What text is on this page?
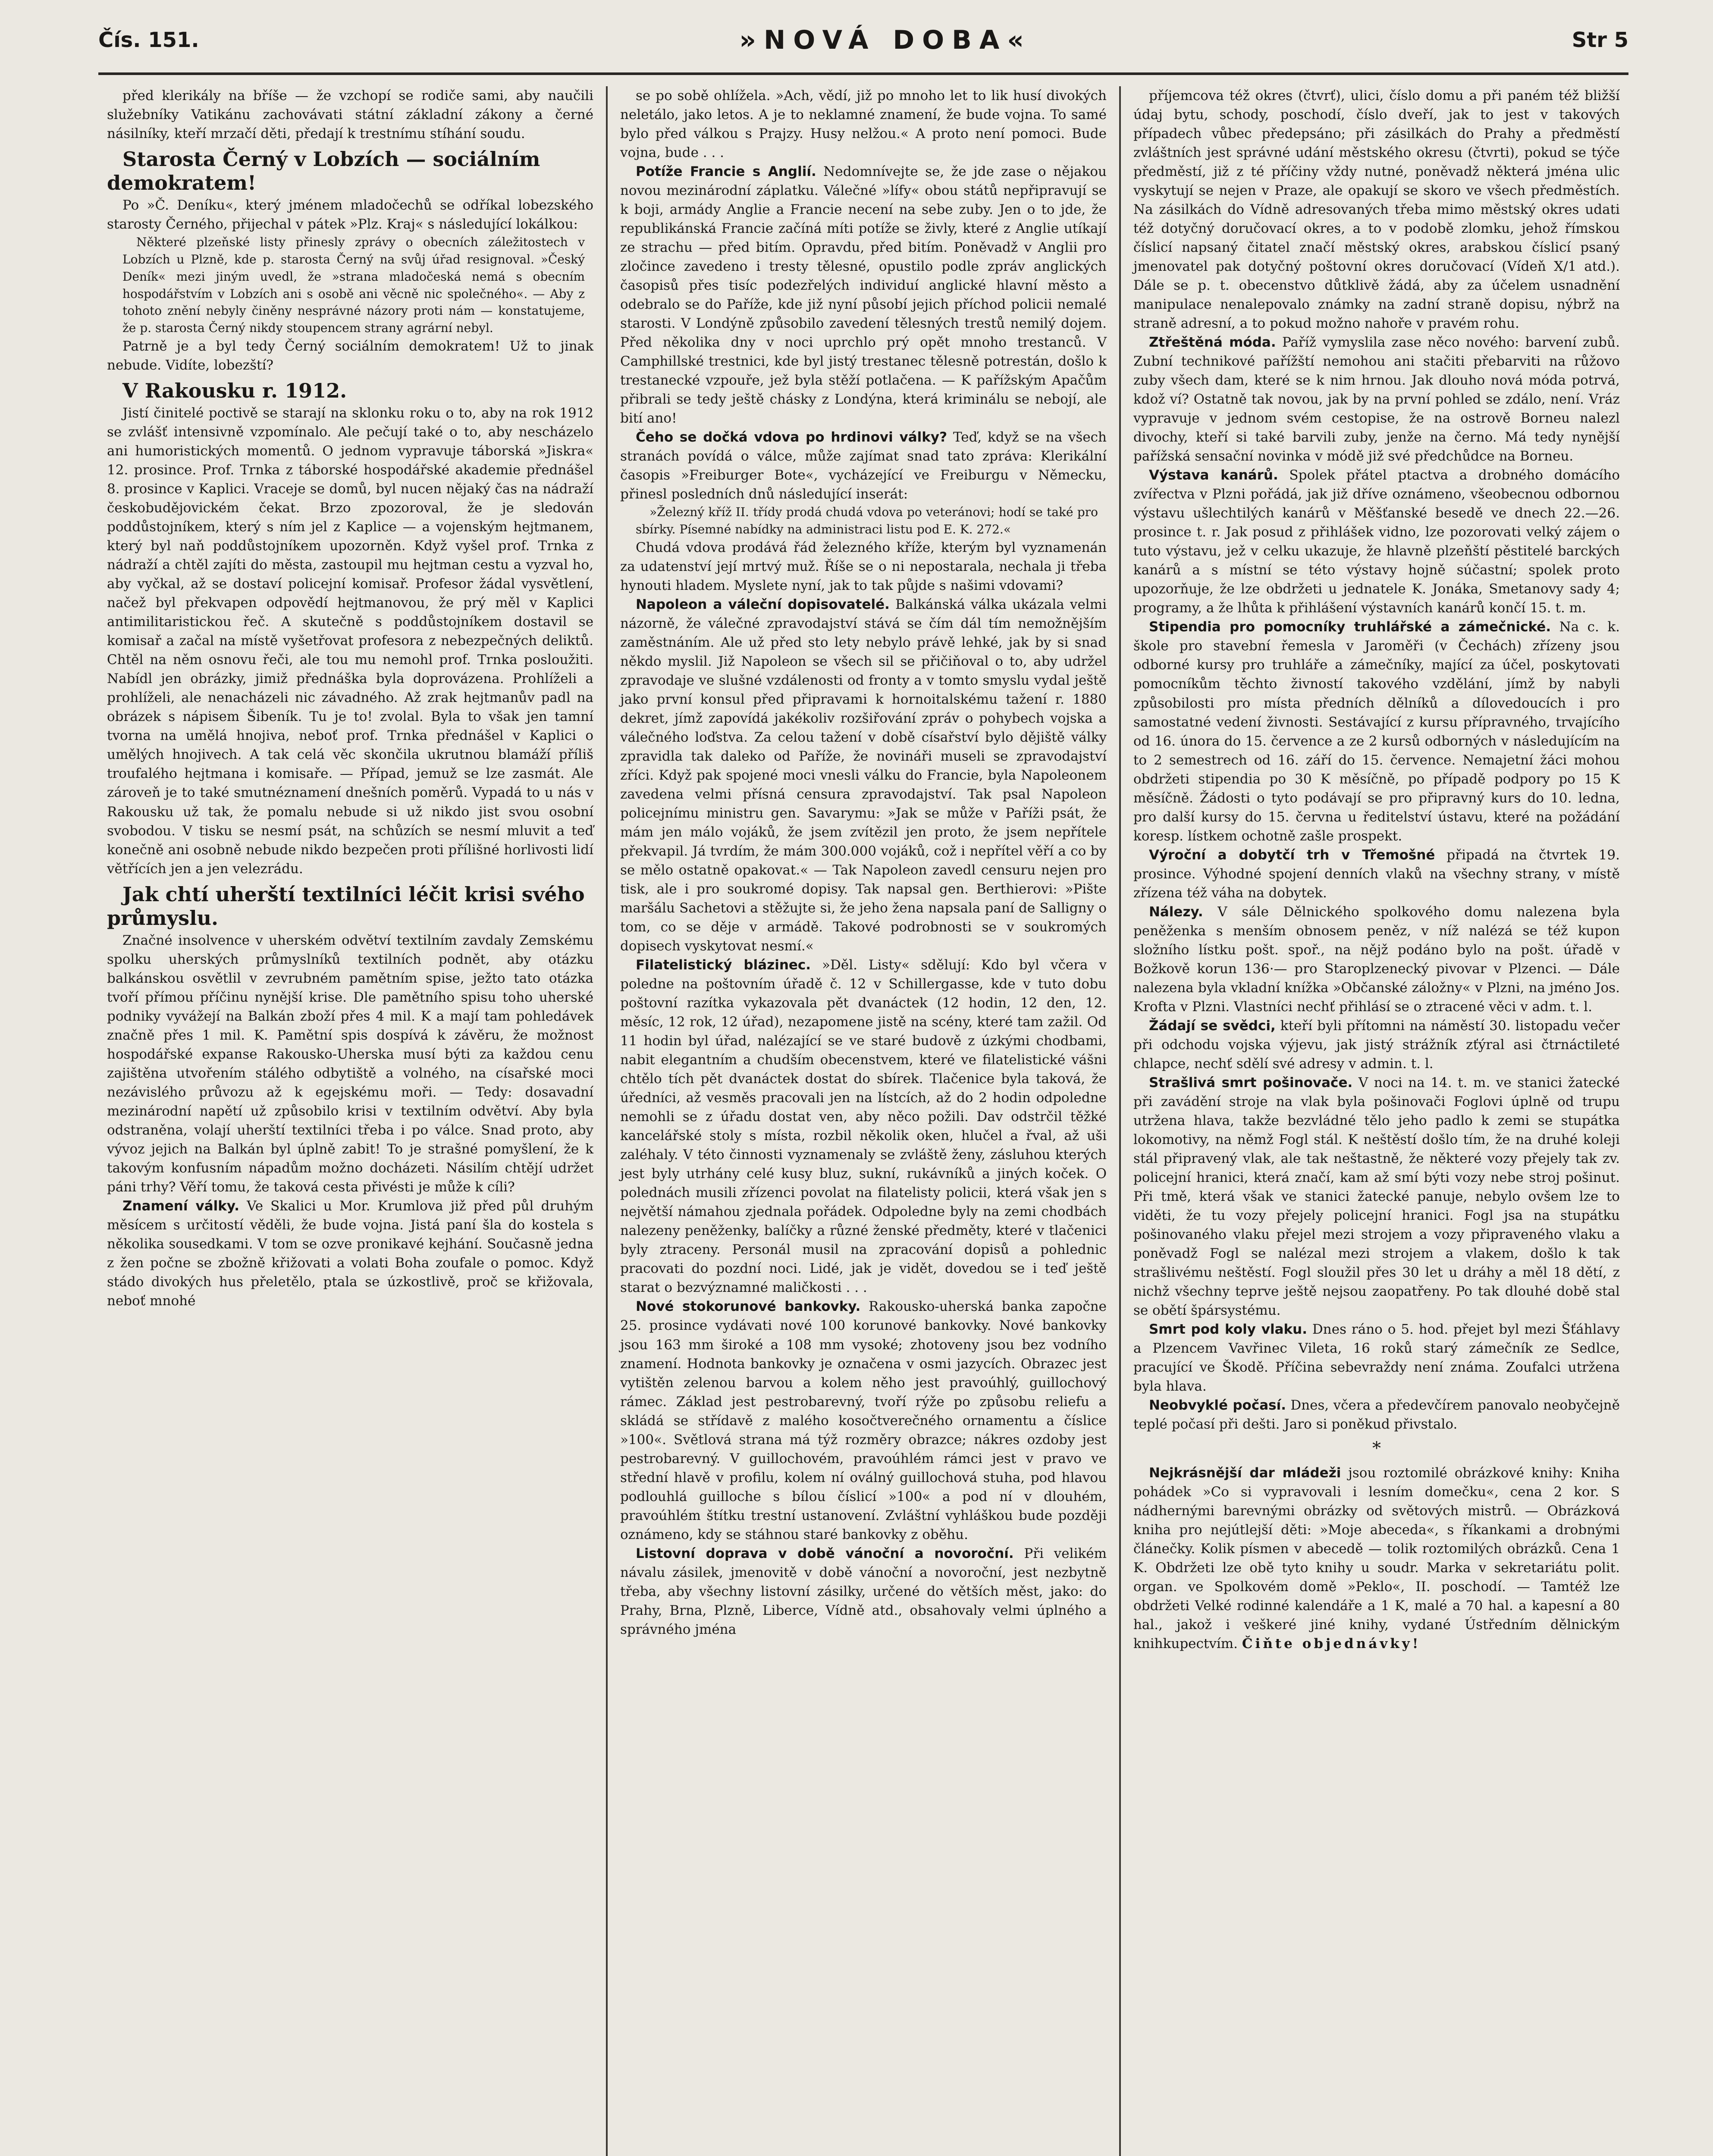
Čís. 151.	»NOVÁ DOBA«	Str 5

před klerikály na bříše — že vzchopí se rodiče sami, aby naučili služebníky Vatikánu zachovávati státní základní zákony a černé násilníky, kteří mrzačí děti, předají k trestnímu stíhání soudu.

Starosta Černý v Lobzích — sociálním demokratem!

Po »Č. Deníku«, který jménem mladočechů se odříkal lobezského starosty Černého, přijechal v pátek »Plz. Kraj« s následující lokálkou:

Některé plzeňské listy přinesly zprávy o obecních záležitostech v Lobzích u Plzně, kde p. starosta Černý na svůj úřad resignoval. »Český Deník« mezi jiným uvedl, že »strana mladočeská nemá s obecním hospodářstvím v Lobzích ani s osobě ani věcně nic společného«. — Aby z tohoto znění nebyly činěny nesprávné názory proti nám — konstatujeme, že p. starosta Černý nikdy stoupencem strany agrární nebyl.

Patrně je a byl tedy Černý sociálním demokratem! Už to jinak nebude. Vidíte, lobezští?

V Rakousku r. 1912.

Jistí činitelé poctivě se starají na sklonku roku o to, aby na rok 1912 se zvlášť intensivně vzpomínalo. Ale pečují také o to, aby nescházelo ani humoristických momentů. O jednom vypravuje táborská »Jiskra« 12. prosince. Prof. Trnka z táborské hospodářské akademie přednášel 8. prosince v Kaplici. Vraceje se domů, byl nucen nějaký čas na nádraží českobudějovickém čekat. Brzo zpozoroval, že je sledován poddůstojníkem, který s ním jel z Kaplice — a vojenským hejtmanem, který byl naň poddůstojníkem upozorněn. Když vyšel prof. Trnka z nádraží a chtěl zajíti do města, zastoupil mu hejtman cestu a vyzval ho, aby vyčkal, až se dostaví policejní komisař. Profesor žádal vysvětlení, načež byl překvapen odpovědí hejtmanovou, že prý měl v Kaplici antimilitaristickou řeč. A skutečně s poddůstojníkem dostavil se komisař a začal na místě vyšetřovat profesora z nebezpečných deliktů. Chtěl na něm osnovu řeči, ale tou mu nemohl prof. Trnka posloužiti. Nabídl jen obrázky, jimiž přednáška byla doprovázena. Prohlíželi a prohlíželi, ale nenacházeli nic závadného. Až zrak hejtmanův padl na obrázek s nápisem Šibeník. Tu je to! zvolal. Byla to však jen tamní tvorna na umělá hnojiva, neboť prof. Trnka přednášel v Kaplici o umělých hnojivech. A tak celá věc skončila ukrutnou blamáží příliš troufalého hejtmana i komisaře. — Případ, jemuž se lze zasmát. Ale zároveň je to také smutnéznamení dnešních poměrů. Vypadá to u nás v Rakousku už tak, že pomalu nebude si už nikdo jist svou osobní svobodou. V tisku se nesmí psát, na schůzích se nesmí mluvit a teď konečně ani osobně nebude nikdo bezpečen proti přílišné horlivosti lidí větřících jen a jen velezrádu.

Jak chtí uherští textilníci léčit krisi svého průmyslu.

Značné insolvence v uherském odvětví textilním zavdaly Zemskému spolku uherských průmyslníků textilních podnět, aby otázku balkánskou osvětlil v zevrubném pamětním spise, ježto tato otázka tvoří přímou příčinu nynější krise. Dle pamětního spisu toho uherské podniky vyvážejí na Balkán zboží přes 4 mil. K a mají tam pohledávek značně přes 1 mil. K. Pamětní spis dospívá k závěru, že možnost hospodářské expanse Rakousko-Uherska musí býti za každou cenu zajištěna utvořením stálého odbytiště a volného, na císařské moci nezávislého průvozu až k egejskému moři. — Tedy: dosavadní mezinárodní napětí už způsobilo krisi v textilním odvětví. Aby byla odstraněna, volají uherští textilníci třeba i po válce. Snad proto, aby vývoz jejich na Balkán byl úplně zabit! To je strašné pomyšlení, že k takovým konfusním nápadům možno docházeti. Násilím chtějí udržet páni trhy? Věří tomu, že taková cesta přivésti je může k cíli?

Znamení války. Ve Skalici u Mor. Krumlova již před půl druhým měsícem s určitostí věděli, že bude vojna. Jistá paní šla do kostela s několika sousedkami. V tom se ozve pronikavé kejhání. Současně jedna z žen počne se zbožně křižovati a volati Boha zoufale o pomoc. Když stádo divokých hus přeletělo, ptala se úzkostlivě, proč se křižovala, neboť mnohé

se po sobě ohlížela. »Ach, vědí, již po mnoho let to lik husí divokých neletálo, jako letos. A je to neklamné znamení, že bude vojna. To samé bylo před válkou s Prajzy. Husy nelžou.« A proto není pomoci. Bude vojna, bude . . .

Potíže Francie s Anglií. Nedomnívejte se, že jde zase o nějakou novou mezinárodní záplatku. Válečné »lífy« obou států nepřipravují se k boji, armády Anglie a Francie necení na sebe zuby. Jen o to jde, že republikánská Francie začíná míti potíže se živly, které z Anglie utíkají ze strachu — před bitím. Opravdu, před bitím. Poněvadž v Anglii pro zločince zavedeno i tresty tělesné, opustilo podle zpráv anglických časopisů přes tisíc podezřelých individuí anglické hlavní město a odebralo se do Paříže, kde již nyní působí jejich příchod policii nemalé starosti. V Londýně způsobilo zavedení tělesných trestů nemilý dojem. Před několika dny v noci uprchlo prý opět mnoho trestanců. V Camphillské trestnici, kde byl jistý trestanec tělesně potrestán, došlo k trestanecké vzpouře, jež byla stěží potlačena. — K pařížským Apačům přibrali se tedy ještě chásky z Londýna, která kriminálu se nebojí, ale bití ano!

Čeho se dočká vdova po hrdinovi války? Teď, když se na všech stranách povídá o válce, může zajímat snad tato zpráva: Klerikální časopis »Freiburger Bote«, vycházející ve Freiburgu v Německu, přinesl posledních dnů následující inserát:

»Železný kříž II. třídy prodá chudá vdova po veteránovi; hodí se také pro sbírky. Písemné nabídky na administraci listu pod E. K. 272.«

Chudá vdova prodává řád železného kříže, kterým byl vyznamenán za udatenství její mrtvý muž. Říše se o ni nepostarala, nechala ji třeba hynouti hladem. Myslete nyní, jak to tak půjde s našimi vdovami?

Napoleon a váleční dopisovatelé. Balkánská válka ukázala velmi názorně, že válečné zpravodajství stává se čím dál tím nemožnějším zaměstnáním. Ale už před sto lety nebylo právě lehké, jak by si snad někdo myslil. Již Napoleon se všech sil se přičiňoval o to, aby udržel zpravodaje ve slušné vzdálenosti od fronty a v tomto smyslu vydal ještě jako první konsul před připravami k hornoitalskému tažení r. 1880 dekret, jímž zapovídá jakékoliv rozšiřování zpráv o pohybech vojska a válečného loďstva. Za celou tažení v době císařství bylo dějiště války zpravidla tak daleko od Paříže, že novináři museli se zpravodajství zříci. Když pak spojené moci vnesli válku do Francie, byla Napoleonem zavedena velmi přísná censura zpravodajství. Tak psal Napoleon policejnímu ministru gen. Savarymu: »Jak se může v Paříži psát, že mám jen málo vojáků, že jsem zvítězil jen proto, že jsem nepřítele překvapil. Já tvrdím, že mám 300.000 vojáků, což i nepřítel věří a co by se mělo ostatně opakovat.« — Tak Napoleon zavedl censuru nejen pro tisk, ale i pro soukromé dopisy. Tak napsal gen. Berthierovi: »Pište maršálu Sachetovi a stěžujte si, že jeho žena napsala paní de Salligny o tom, co se děje v armádě. Takové podrobnosti se v soukromých dopisech vyskytovat nesmí.«

Filatelistický blázinec. »Děl. Listy« sdělují: Kdo byl včera v poledne na poštovním úřadě č. 12 v Schillergasse, kde v tuto dobu poštovní razítka vykazovala pět dvanáctek (12 hodin, 12 den, 12. měsíc, 12 rok, 12 úřad), nezapomene jistě na scény, které tam zažil. Od 11 hodin byl úřad, nalézající se ve staré budově z úzkými chodbami, nabit elegantním a chudším obecenstvem, které ve filatelistické vášni chtělo tích pět dvanáctek dostat do sbírek. Tlačenice byla taková, že úředníci, až vesměs pracovali jen na lístcích, až do 2 hodin odpoledne nemohli se z úřadu dostat ven, aby něco požili. Dav odstrčil těžké kancelářské stoly s místa, rozbil několik oken, hlučel a řval, až uši zaléhaly. V této činnosti vyznamenaly se zvláště ženy, zásluhou kterých jest byly utrhány celé kusy bluz, sukní, rukávníků a jiných koček. O polednách musili zřízenci povolat na filatelisty policii, která však jen s největší námahou zjednala pořádek. Odpoledne byly na zemi chodbách nalezeny peněženky, balíčky a různé ženské předměty, které v tlačenici byly ztraceny. Personál musil na zpracování dopisů a pohlednic pracovati do pozdní noci. Lidé, jak je vidět, dovedou se i teď ještě starat o bezvýznamné maličkosti . . .

Nové stokorunové bankovky. Rakousko-uherská banka započne 25. prosince vydávati nové 100 korunové bankovky. Nové bankovky jsou 163 mm široké a 108 mm vysoké; zhotoveny jsou bez vodního znamení. Hodnota bankovky je označena v osmi jazycích. Obrazec jest vytištěn zelenou barvou a kolem něho jest pravoúhlý, guillochový rámec. Základ jest pestrobarevný, tvoří rýže po způsobu reliefu a skládá se střídavě z malého kosočtverečného ornamentu a číslice »100«. Světlová strana má týž rozměry obrazce; nákres ozdoby jest pestrobarevný. V guillochovém, pravoúhlém rámci jest v pravo ve střední hlavě v profilu, kolem ní oválný guillochová stuha, pod hlavou podlouhlá guilloche s bílou číslicí »100« a pod ní v dlouhém, pravoúhlém štítku trestní ustanovení. Zvláštní vyhláškou bude později oznámeno, kdy se stáhnou staré bankovky z oběhu.

Listovní doprava v době vánoční a novoroční. Při velikém návalu zásilek, jmenovitě v době vánoční a novoroční, jest nezbytně třeba, aby všechny listovní zásilky, určené do větších měst, jako: do Prahy, Brna, Plzně, Liberce, Vídně atd., obsahovaly velmi úplného a správného jména

příjemcova též okres (čtvrť), ulici, číslo domu a při paném též bližší údaj bytu, schody, poschodí, číslo dveří, jak to jest v takových případech vůbec předepsáno; při zásilkách do Prahy a předměstí zvláštních jest správné udání městského okresu (čtvrti), pokud se týče předměstí, již z té příčiny vždy nutné, poněvadž některá jména ulic vyskytují se nejen v Praze, ale opakují se skoro ve všech předměstích. Na zásilkách do Vídně adresovaných třeba mimo městský okres udati též dotyčný doručovací okres, a to v podobě zlomku, jehož římskou číslicí napsaný čitatel značí městský okres, arabskou číslicí psaný jmenovatel pak dotyčný poštovní okres doručovací (Vídeň X/1 atd.). Dále se p. t. obecenstvo důtklivě žádá, aby za účelem usnadnění manipulace nenalepovalo známky na zadní straně dopisu, nýbrž na straně adresní, a to pokud možno nahoře v pravém rohu.

Ztřeštěná móda. Paříž vymyslila zase něco nového: barvení zubů. Zubní technikové pařížští nemohou ani stačiti přebarviti na růžovo zuby všech dam, které se k nim hrnou. Jak dlouho nová móda potrvá, kdož ví? Ostatně tak novou, jak by na první pohled se zdálo, není. Vráz vypravuje v jednom svém cestopise, že na ostrově Borneu nalezl divochy, kteří si také barvili zuby, jenže na černo. Má tedy nynější pařížská sensační novinka v módě již své předchůdce na Borneu.

Výstava kanárů. Spolek přátel ptactva a drobného domácího zvířectva v Plzni pořádá, jak již dříve oznámeno, všeobecnou odbornou výstavu ušlechtilých kanárů v Měšťanské besedě ve dnech 22.—26. prosince t. r. Jak posud z přihlášek vidno, lze pozorovati velký zájem o tuto výstavu, jež v celku ukazuje, že hlavně plzeňští pěstitelé barckých kanárů a s místní se této výstavy hojně súčastní; spolek proto upozorňuje, že lze obdržeti u jednatele K. Jonáka, Smetanovy sady 4; programy, a že lhůta k přihlášení výstavních kanárů končí 15. t. m.

Stipendia pro pomocníky truhlářské a zámečnické. Na c. k. škole pro stavební řemesla v Jaroměři (v Čechách) zřízeny jsou odborné kursy pro truhláře a zámečníky, mající za účel, poskytovati pomocníkům těchto živností takového vzdělání, jímž by nabyli způsobilosti pro místa předních dělníků a dílovedoucích i pro samostatné vedení živnosti. Sestávající z kursu přípravného, trvajícího od 16. února do 15. července a ze 2 kursů odborných v následujícím na to 2 semestrech od 16. září do 15. července. Nemajetní žáci mohou obdržeti stipendia po 30 K měsíčně, po případě podpory po 15 K měsíčně. Žádosti o tyto podávají se pro připravný kurs do 10. ledna, pro další kursy do 15. června u ředitelství ústavu, které na požádání koresp. lístkem ochotně zašle prospekt.

Výroční a dobytčí trh v Třemošné připadá na čtvrtek 19. prosince. Výhodné spojení denních vlaků na všechny strany, v místě zřízena též váha na dobytek.

Nálezy. V sále Dělnického spolkového domu nalezena byla peněženka s menším obnosem peněz, v níž nalézá se též kupon složního lístku pošt. spoř., na nějž podáno bylo na pošt. úřadě v Božkově korun 136·— pro Staroplzenecký pivovar v Plzenci. — Dále nalezena byla vkladní knížka »Občanské záložny« v Plzni, na jméno Jos. Krofta v Plzni. Vlastníci nechť přihlásí se o ztracené věci v adm. t. l.

Žádají se svědci, kteří byli přítomni na náměstí 30. listopadu večer při odchodu vojska výjevu, jak jistý strážník zťýral asi čtrnáctileté chlapce, nechť sdělí své adresy v admin. t. l.

Strašlivá smrt pošinovače. V noci na 14. t. m. ve stanici žatecké při zavádění stroje na vlak byla pošinovači Foglovi úplně od trupu utržena hlava, takže bezvládné tělo jeho padlo k zemi se stupátka lokomotivy, na němž Fogl stál. K neštěstí došlo tím, že na druhé koleji stál připravený vlak, ale tak neštastně, že některé vozy přejely tak zv. policejní hranici, která značí, kam až smí býti vozy nebe stroj pošinut. Při tmě, která však ve stanici žatecké panuje, nebylo ovšem lze to viděti, že tu vozy přejely policejní hranici. Fogl jsa na stupátku pošinovaného vlaku přejel mezi strojem a vozy připraveného vlaku a poněvadž Fogl se nalézal mezi strojem a vlakem, došlo k tak strašlivému neštěstí. Fogl sloužil přes 30 let u dráhy a měl 18 dětí, z nichž všechny teprve ještě nejsou zaopatřeny. Po tak dlouhé době stal se obětí špársystému.

Smrt pod koly vlaku. Dnes ráno o 5. hod. přejet byl mezi Šťáhlavy a Plzencem Vavřinec Vileta, 16 roků starý zámečník ze Sedlce, pracující ve Škodě. Příčina sebevraždy není známa. Zoufalci utržena byla hlava.

Neobvyklé počasí. Dnes, včera a předevčírem panovalo neobyčejně teplé počasí při dešti. Jaro si poněkud přivstalo.

*

Nejkrásnější dar mládeži jsou roztomilé obrázkové knihy: Kniha pohádek »Co si vypravovali i lesním domečku«, cena 2 kor. S nádhernými barevnými obrázky od světových mistrů. — Obrázková kniha pro nejútlejší děti: »Moje abeceda«, s říkankami a drobnými článečky. Kolik písmen v abecedě — tolik roztomilých obrázků. Cena 1 K. Obdržeti lze obě tyto knihy u soudr. Marka v sekretariátu polit. organ. ve Spolkovém domě »Peklo«, II. poschodí. — Tamtéž lze obdržeti Velké rodinné kalendáře a 1 K, malé a 70 hal. a kapesní a 80 hal., jakož i veškeré jiné knihy, vydané Ústředním dělnickým knihkupectvím. Čiňte objednávky!
